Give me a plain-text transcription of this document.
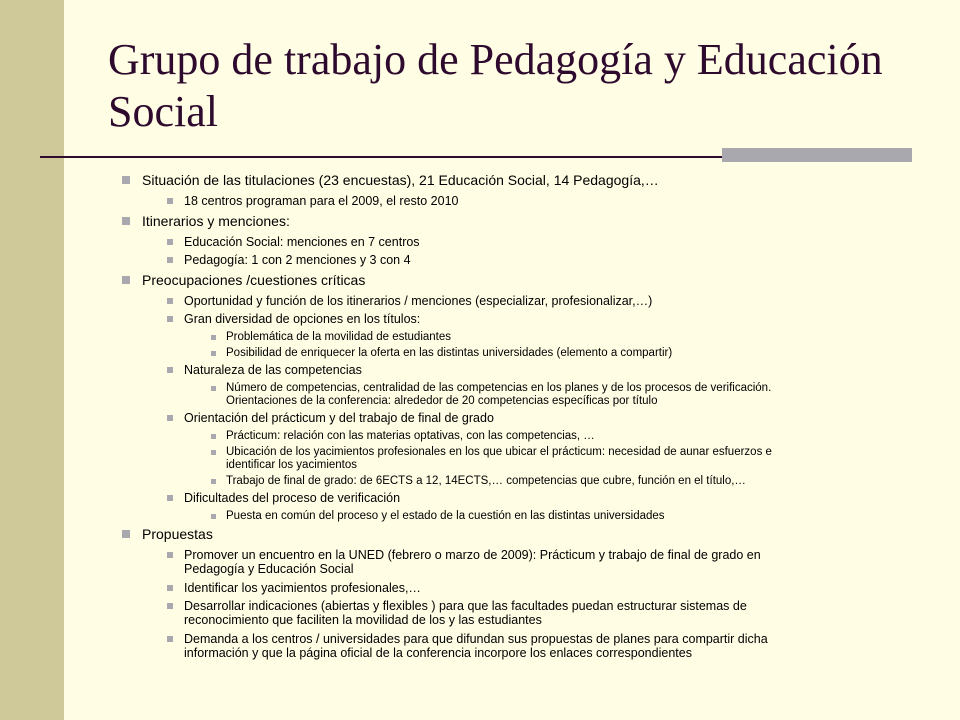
Grupo de trabajo de Pedagogía y Educación Social
Situación de las titulaciones (23 encuestas), 21 Educación Social, 14 Pedagogía,…
18 centros programan para el 2009, el resto 2010
Itinerarios y menciones:
Educación Social: menciones en 7 centros
Pedagogía: 1 con 2 menciones y 3 con 4
Preocupaciones /cuestiones críticas
Oportunidad y función de los itinerarios / menciones (especializar, profesionalizar,…)
Gran diversidad de opciones en los títulos:
Problemática de la movilidad de estudiantes
Posibilidad de enriquecer la oferta en las distintas universidades (elemento a compartir)
Naturaleza de las competencias
Número de competencias, centralidad de las competencias en los planes y de los procesos de verificación.
Orientaciones de la conferencia: alrededor de 20 competencias específicas por título
Orientación del prácticum y del trabajo de final de grado
Prácticum: relación con las materias optativas, con las competencias, …
Ubicación de los yacimientos profesionales en los que ubicar el prácticum: necesidad de aunar esfuerzos e
identificar los yacimientos
Trabajo de final de grado: de 6ECTS a 12, 14ECTS,… competencias que cubre, función en el título,…
Dificultades del proceso de verificación
Puesta en común del proceso y el estado de la cuestión en las distintas universidades
Propuestas
Promover un encuentro en la UNED (febrero o marzo de 2009): Prácticum y trabajo de final de grado en
Pedagogía y Educación Social
Identificar los yacimientos profesionales,…
Desarrollar indicaciones (abiertas y flexibles ) para que las facultades puedan estructurar sistemas de
reconocimiento que faciliten la movilidad de los y las estudiantes
Demanda a los centros / universidades para que difundan sus propuestas de planes para compartir dicha
información y que la página oficial de la conferencia incorpore los enlaces correspondientes
